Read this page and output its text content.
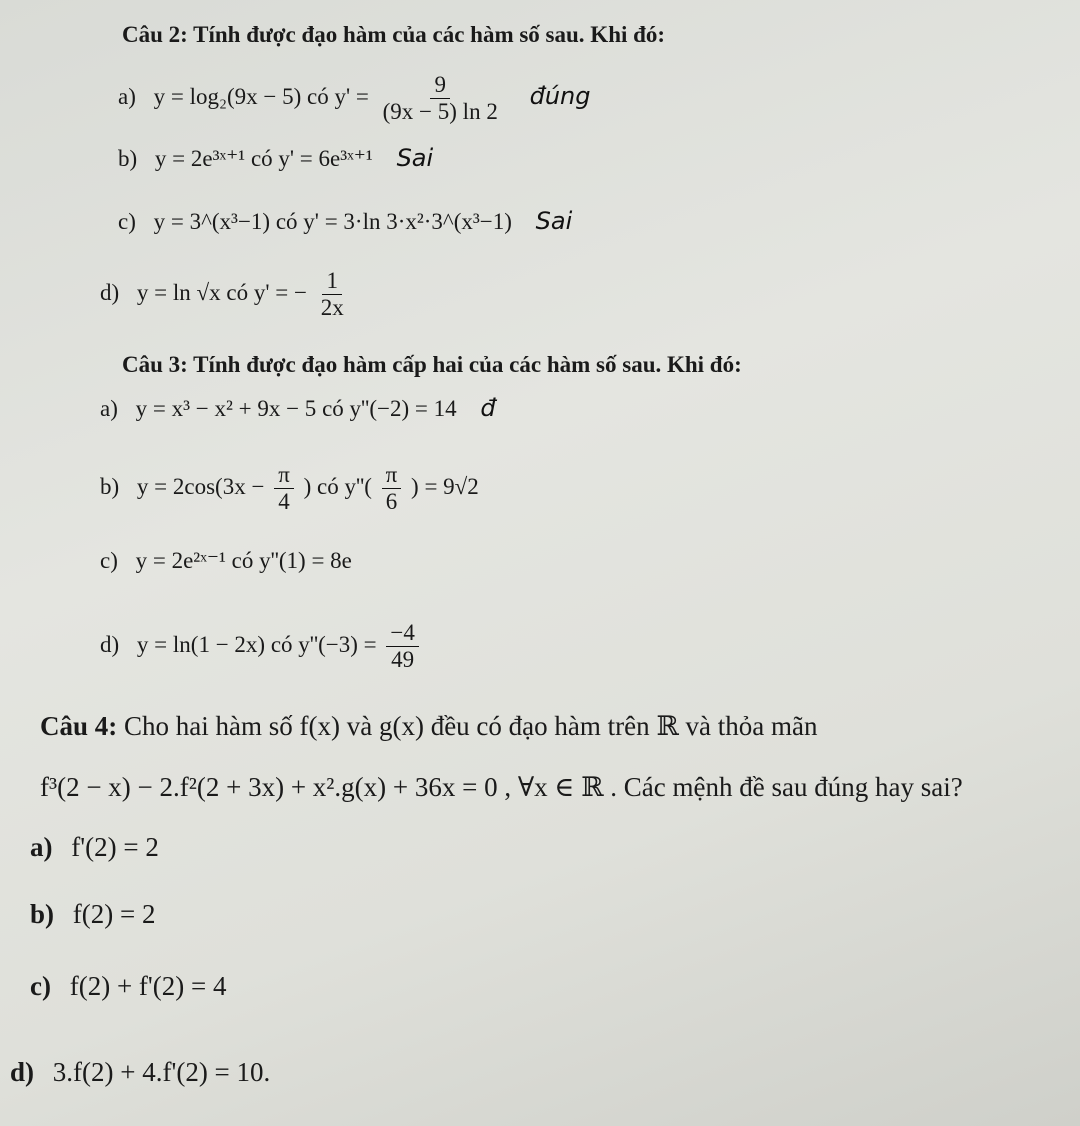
Câu 2: Tính được đạo hàm của các hàm số sau. Khi đó:
a) y = log₂(9x − 5) có $y' = \frac{9}{(9x - 5) \ln 2}$ đúng
b) y = 2e³ˣ⁺¹ có y' = 6e³ˣ⁺¹ Sai
c) y = 3^(x³−1) có y' = 3·ln 3·x²·3^(x³−1) Sai
d) y = ln √x có y' = − $\frac{1}{2x}$
Câu 3: Tính được đạo hàm cấp hai của các hàm số sau. Khi đó:
a) y = x³ − x² + 9x − 5 có y''(−2) = 14 đ
b) $y = 2\cos(3x - \frac{\pi}{4}$ ) có $y''( \frac{\pi}{6}$ ) = 9√2
c) y = 2e²ˣ⁻¹ có y''(1) = 8e
d) y = ln(1 − 2x) có $y''(-3) = \frac{-4}{49}$
Câu 4: Cho hai hàm số f(x) và g(x) đều có đạo hàm trên ℝ và thỏa mãn
f³(2 − x) − 2.f²(2 + 3x) + x².g(x) + 36x = 0 , ∀x ∈ ℝ . Các mệnh đề sau đúng hay sai?
a) f'(2) = 2
b) f(2) = 2
c) f(2) + f'(2) = 4
d) 3.f(2) + 4.f'(2) = 10.
